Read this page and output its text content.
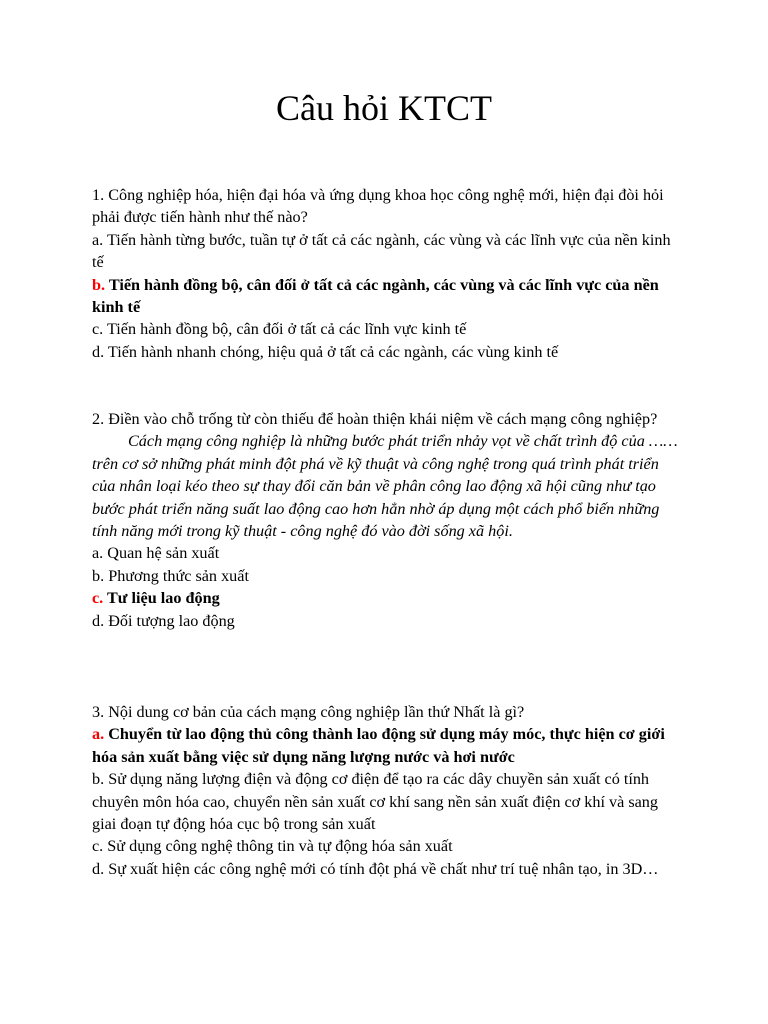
Câu hỏi KTCT

1. Công nghiệp hóa, hiện đại hóa và ứng dụng khoa học công nghệ mới, hiện đại đòi hỏi phải được tiến hành như thế nào?

a. Tiến hành từng bước, tuần tự ở tất cả các ngành, các vùng và các lĩnh vực của nền kinh tế

b. Tiến hành đồng bộ, cân đối ở tất cả các ngành, các vùng và các lĩnh vực của nền kinh tế

c. Tiến hành đồng bộ, cân đối ở tất cả các lĩnh vực kinh tế

d. Tiến hành nhanh chóng, hiệu quả ở tất cả các ngành, các vùng kinh tế

2. Điền vào chỗ trống từ còn thiếu để hoàn thiện khái niệm về cách mạng công nghiệp?

Cách mạng công nghiệp là những bước phát triển nhảy vọt về chất trình độ của …… trên cơ sở những phát minh đột phá về kỹ thuật và công nghệ trong quá trình phát triển của nhân loại kéo theo sự thay đổi căn bản về phân công lao động xã hội cũng như tạo bước phát triển năng suất lao động cao hơn hẳn nhờ áp dụng một cách phổ biến những tính năng mới trong kỹ thuật - công nghệ đó vào đời sống xã hội.

a. Quan hệ sản xuất

b. Phương thức sản xuất

c. Tư liệu lao động

d. Đối tượng lao động

3. Nội dung cơ bản của cách mạng công nghiệp lần thứ Nhất là gì?

a. Chuyển từ lao động thủ công thành lao động sử dụng máy móc, thực hiện cơ giới hóa sản xuất bằng việc sử dụng năng lượng nước và hơi nước

b. Sử dụng năng lượng điện và động cơ điện để tạo ra các dây chuyền sản xuất có tính chuyên môn hóa cao, chuyển nền sản xuất cơ khí sang nền sản xuất điện cơ khí và sang giai đoạn tự động hóa cục bộ trong sản xuất

c. Sử dụng công nghệ thông tin và tự động hóa sản xuất

d. Sự xuất hiện các công nghệ mới có tính đột phá về chất như trí tuệ nhân tạo, in 3D…
